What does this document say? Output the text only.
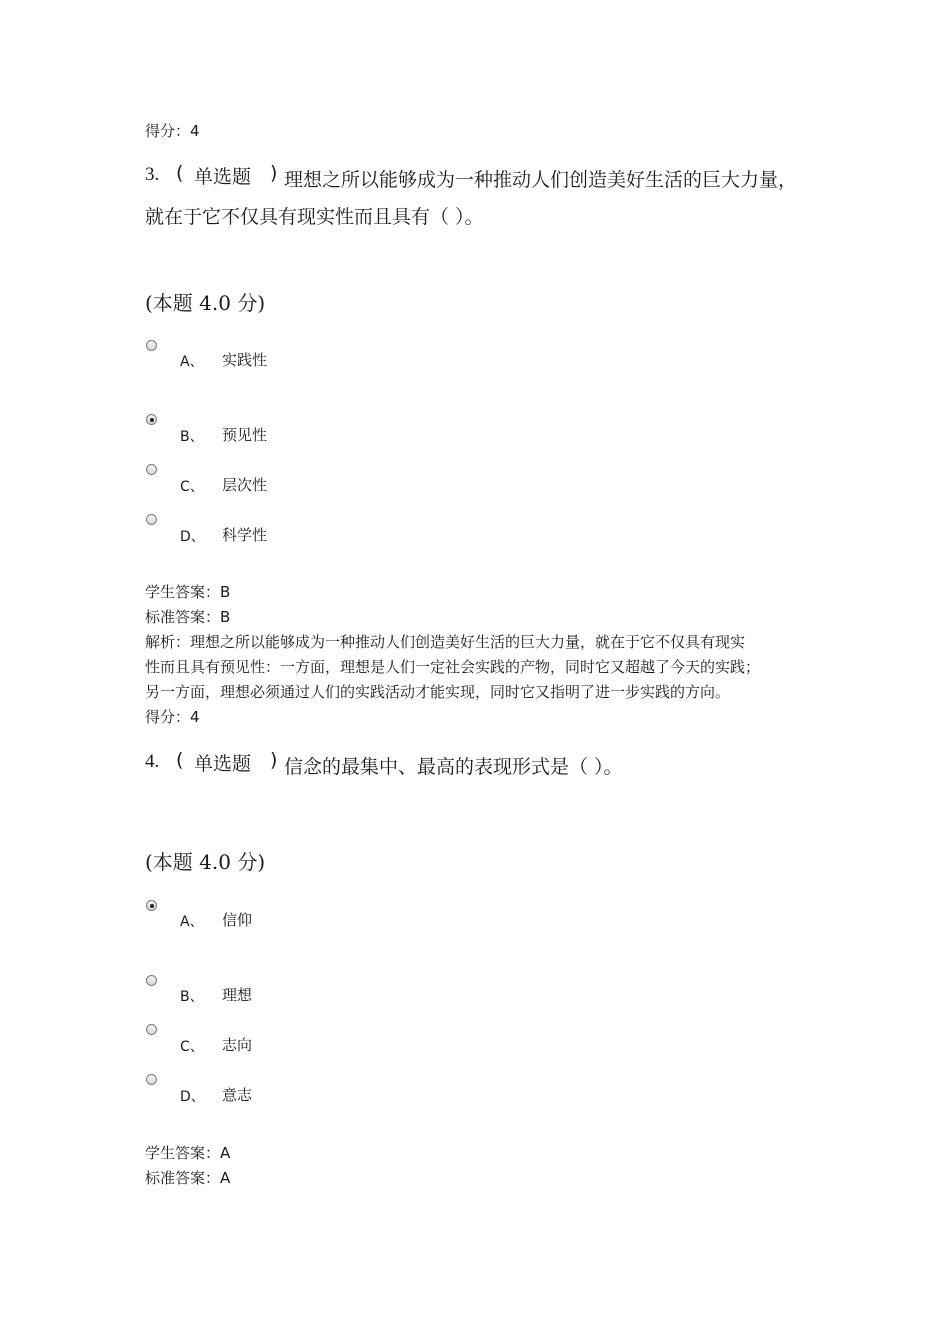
得分：4
3. ( 单选题 ) 理想之所以能够成为一种推动人们创造美好生活的巨大力量，
就在于它不仅具有现实性而且具有（ ）。
(本题 4.0 分)
A、 实践性
B、 预见性
C、 层次性
D、 科学性
学生答案：B
标准答案：B
解析：理想之所以能够成为一种推动人们创造美好生活的巨大力量，就在于它不仅具有现实
性而且具有预见性：一方面，理想是人们一定社会实践的产物，同时它又超越了今天的实践；
另一方面，理想必须通过人们的实践活动才能实现，同时它又指明了进一步实践的方向。
得分：4
4. ( 单选题 ) 信念的最集中、最高的表现形式是（ ）。
(本题 4.0 分)
A、 信仰
B、 理想
C、 志向
D、 意志
学生答案：A
标准答案：A
